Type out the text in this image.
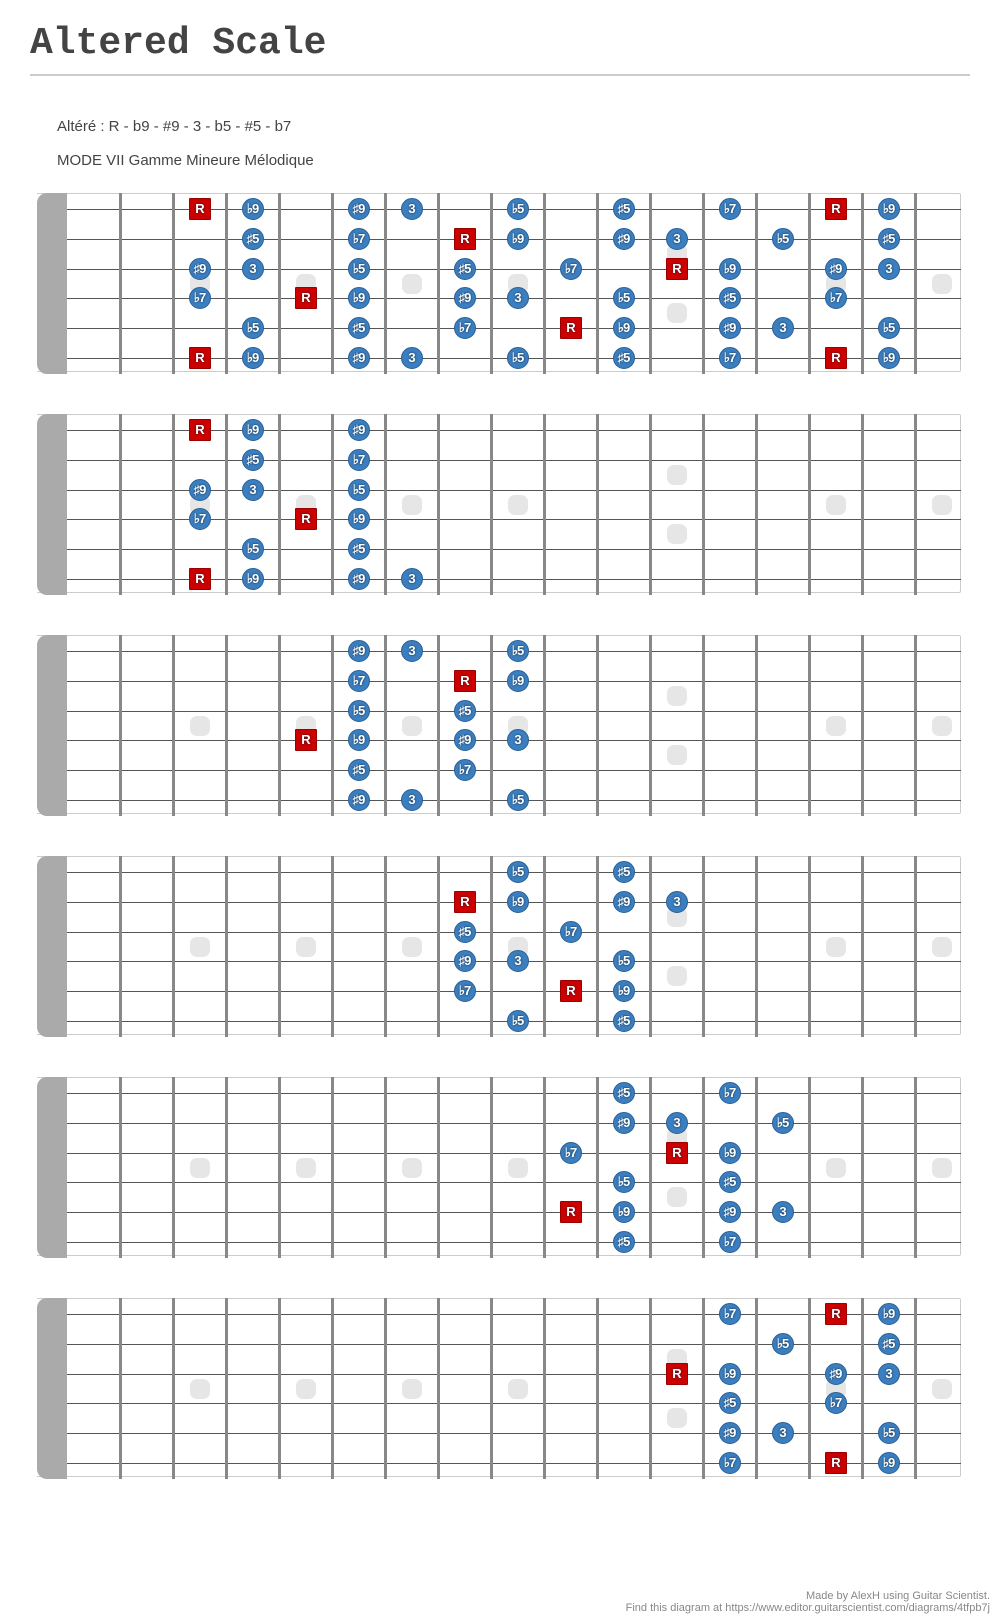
Altered Scale
Altéré : R - b9 - #9 - 3 - b5 - #5 - b7
MODE VII Gamme Mineure Mélodique
R	♭9	♯9	3	♭5	♯5	♭7	R	♭9
♯5	♭7	R	♭9	♯9	3	♭5	♯5
♯9	3	♭5	♯5	♭7	R	♭9	♯9	3
♭7	R	♭9	♯9	3	♭5	♯5	♭7
♭5	♯5	♭7	R	♭9	♯9	3	♭5
R	♭9	♯9	3	♭5	♯5	♭7	R	♭9
R	♭9	♯9
♯5	♭7
♯9	3	♭5
♭7	R	♭9
♭5	♯5
R	♭9	♯9	3
♯9	3	♭5
♭7	R	♭9
♭5	♯5
R	♭9	♯9	3
♯5	♭7
♯9	3	♭5
♭5	♯5
R	♭9	♯9	3
♯5	♭7
♯9	3	♭5
♭7	R	♭9
♭5	♯5
♯5	♭7
♯9	3	♭5
♭7	R	♭9
♭5	♯5
R	♭9	♯9	3
♯5	♭7
♭7	R	♭9
♭5	♯5
R	♭9	♯9	3
♯5	♭7
♯9	3	♭5
♭7	R	♭9
Made by AlexH using Guitar Scientist.
Find this diagram at https://www.editor.guitarscientist.com/diagrams/4tfpb7j
